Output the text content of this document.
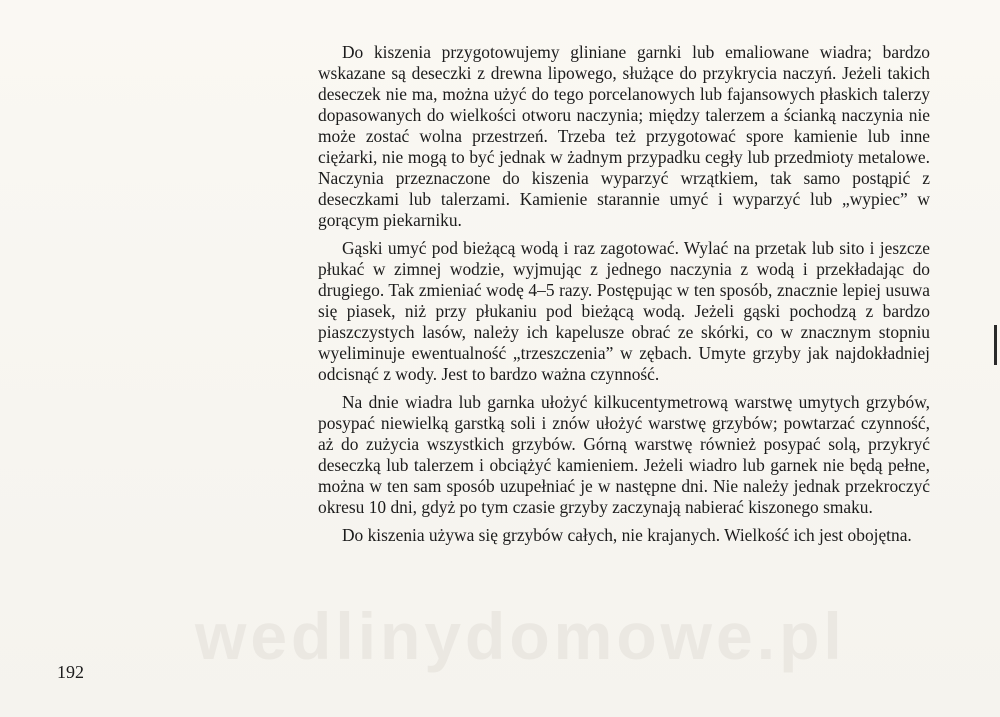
wedlinydomowe.pl

Do kiszenia przygotowujemy gliniane garnki lub emaliowane wiadra; bardzo wskazane są deseczki z drewna lipowego, służące do przykrycia naczyń. Jeżeli takich deseczek nie ma, można użyć do tego porcelanowych lub fajansowych płaskich talerzy dopasowanych do wielkości otworu naczynia; między talerzem a ścianką naczynia nie może zostać wolna przestrzeń. Trzeba też przygotować spore kamienie lub inne ciężarki, nie mogą to być jednak w żadnym przypadku cegły lub przedmioty metalowe. Naczynia przeznaczone do kiszenia wyparzyć wrzątkiem, tak samo postąpić z deseczkami lub talerzami. Kamienie starannie umyć i wyparzyć lub „wypiec” w gorącym piekarniku.

Gąski umyć pod bieżącą wodą i raz zagotować. Wylać na przetak lub sito i jeszcze płukać w zimnej wodzie, wyjmując z jednego naczynia z wodą i przekładając do drugiego. Tak zmieniać wodę 4–5 razy. Postępując w ten sposób, znacznie lepiej usuwa się piasek, niż przy płukaniu pod bieżącą wodą. Jeżeli gąski pochodzą z bardzo piaszczystych lasów, należy ich kapelusze obrać ze skórki, co w znacznym stopniu wyeliminuje ewentualność „trzeszczenia” w zębach. Umyte grzyby jak najdokładniej odcisnąć z wody. Jest to bardzo ważna czynność.

Na dnie wiadra lub garnka ułożyć kilkucentymetrową warstwę umytych grzybów, posypać niewielką garstką soli i znów ułożyć warstwę grzybów; powtarzać czynność, aż do zużycia wszystkich grzybów. Górną warstwę również posypać solą, przykryć deseczką lub talerzem i obciążyć kamieniem. Jeżeli wiadro lub garnek nie będą pełne, można w ten sam sposób uzupełniać je w następne dni. Nie należy jednak przekroczyć okresu 10 dni, gdyż po tym czasie grzyby zaczynają nabierać kiszonego smaku.

Do kiszenia używa się grzybów całych, nie krajanych. Wielkość ich jest obojętna.

192
